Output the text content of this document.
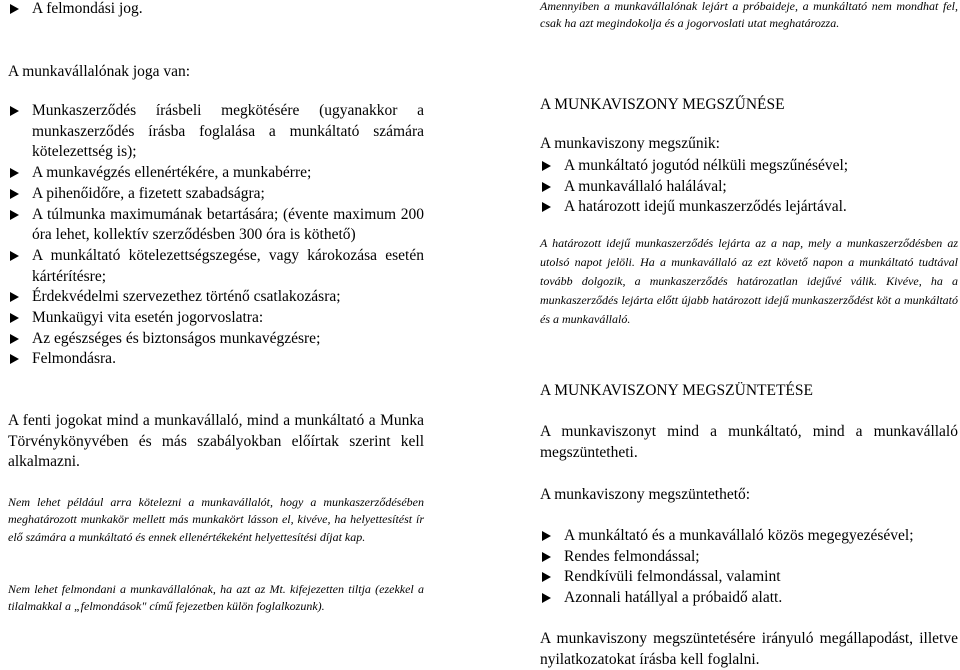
A felmondási jog.

A munkavállalónak joga van:

Munkaszerződés írásbeli megkötésére (ugyanakkor a munkaszerződés írásba foglalása a munkáltató számára kötelezettség is);
A munkavégzés ellenértékére, a munkabérre;
A pihenőidőre, a fizetett szabadságra;
A túlmunka maximumának betartására; (évente maximum 200 óra lehet, kollektív szerződésben 300 óra is köthető)
A munkáltató kötelezettségszegése, vagy károkozása esetén kártérítésre;
Érdekvédelmi szervezethez történő csatlakozásra;
Munkaügyi vita esetén jogorvoslatra:
Az egészséges és biztonságos munkavégzésre;
Felmondásra.

A fenti jogokat mind a munkavállaló, mind a munkáltató a Munka Törvénykönyvében és más szabályokban előírtak szerint kell alkalmazni.

Nem lehet például arra kötelezni a munkavállalót, hogy a munkaszerződésében meghatározott munkakör mellett más munkakört lásson el, kivéve, ha helyettesítést ír elő számára a munkáltató és ennek ellenértékeként helyettesítési díjat kap.

Nem lehet felmondani a munkavállalónak, ha azt az Mt. kifejezetten tiltja (ezekkel a tilalmakkal a „felmondások" című fejezetben külön foglalkozunk).

Amennyiben a munkavállalónak lejárt a próbaideje, a munkáltató nem mondhat fel, csak ha azt megindokolja és a jogorvoslati utat meghatározza.

A MUNKAVISZONY MEGSZŰNÉSE

A munkaviszony megszűnik:

A munkáltató jogutód nélküli megszűnésével;
A munkavállaló halálával;
A határozott idejű munkaszerződés lejártával.

A határozott idejű munkaszerződés lejárta az a nap, mely a munkaszerződésben az utolsó napot jelöli. Ha a munkavállaló az ezt követő napon a munkáltató tudtával tovább dolgozik, a munkaszerződés határozatlan idejűvé válik. Kivéve, ha a munkaszerződés lejárta előtt újabb határozott idejű munkaszerződést köt a munkáltató és a munkavállaló.

A MUNKAVISZONY MEGSZÜNTETÉSE

A munkaviszonyt mind a munkáltató, mind a munkavállaló megszüntetheti.

A munkaviszony megszüntethető:

A munkáltató és a munkavállaló közös megegyezésével;
Rendes felmondással;
Rendkívüli felmondással, valamint
Azonnali hatállyal a próbaidő alatt.

A munkaviszony megszüntetésére irányuló megállapodást, illetve nyilatkozatokat írásba kell foglalni.
